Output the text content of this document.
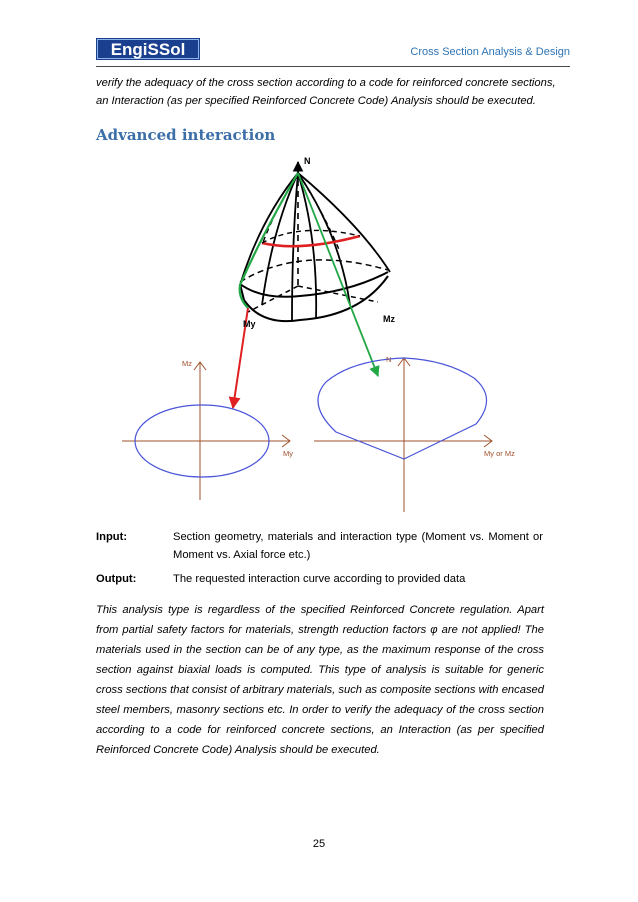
EngiSSol	Cross Section Analysis & Design

verify the adequacy of the cross section according to a code for reinforced concrete sections, an Interaction (as per specified Reinforced Concrete Code) Analysis should be executed.

Advanced interaction
N
My	Mz
Mz
My
N
My or Mz
Input:	Section geometry, materials and interaction type (Moment vs. Moment or Moment vs. Axial force etc.)
Output:	The requested interaction curve according to provided data

This analysis type is regardless of the specified Reinforced Concrete regulation. Apart from partial safety factors for materials, strength reduction factors φ are not applied! The materials used in the section can be of any type, as the maximum response of the cross section against biaxial loads is computed. This type of analysis is suitable for generic cross sections that consist of arbitrary materials, such as composite sections with encased steel members, masonry sections etc. In order to verify the adequacy of the cross section according to a code for reinforced concrete sections, an Interaction (as per specified Reinforced Concrete Code) Analysis should be executed.

25
